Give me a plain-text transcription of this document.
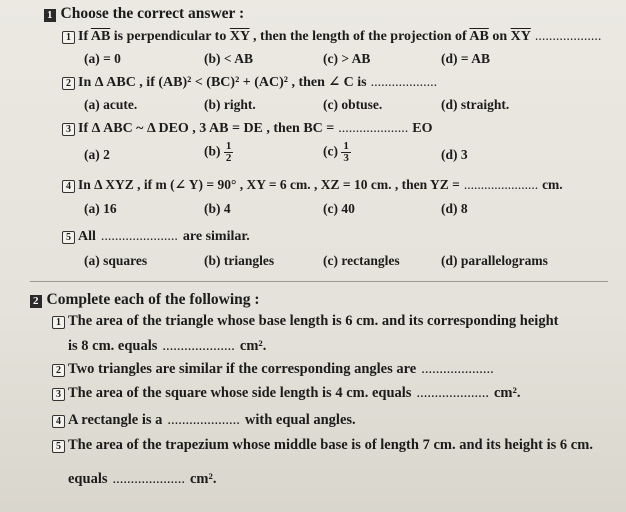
1 Choose the correct answer :
1 If $\overline{AB}$ is perpendicular to $\overline{XY}$ , then the length of the projection of $\overline{AB}$ on $\overline{XY}$ ...................
(a) = 0	(b) < AB	(c) > AB	(d) = AB
2 In Δ ABC , if (AB)² < (BC)² + (AC)² , then ∠ C is ...................
(a) acute.	(b) right.	(c) obtuse.	(d) straight.
3 If Δ ABC ~ Δ DEO , 3 AB = DE , then BC = .................... EO
(a) 2	$(b) \frac{1}{2}$	$(c) \frac{1}{3}$	(d) 3
4 In Δ XYZ , if m (∠ Y) = 90° , XY = 6 cm. , XZ = 10 cm. , then YZ = ...................... cm.
(a) 16	(b) 4	(c) 40	(d) 8
5 All ...................... are similar.
(a) squares	(b) triangles	(c) rectangles	(d) parallelograms
2 Complete each of the following :
1 The area of the triangle whose base length is 6 cm. and its corresponding height
is 8 cm. equals .................... cm².
2 Two triangles are similar if the corresponding angles are ....................
3 The area of the square whose side length is 4 cm. equals .................... cm².
4 A rectangle is a .................... with equal angles.
5 The area of the trapezium whose middle base is of length 7 cm. and its height is 6 cm.
equals .................... cm².
